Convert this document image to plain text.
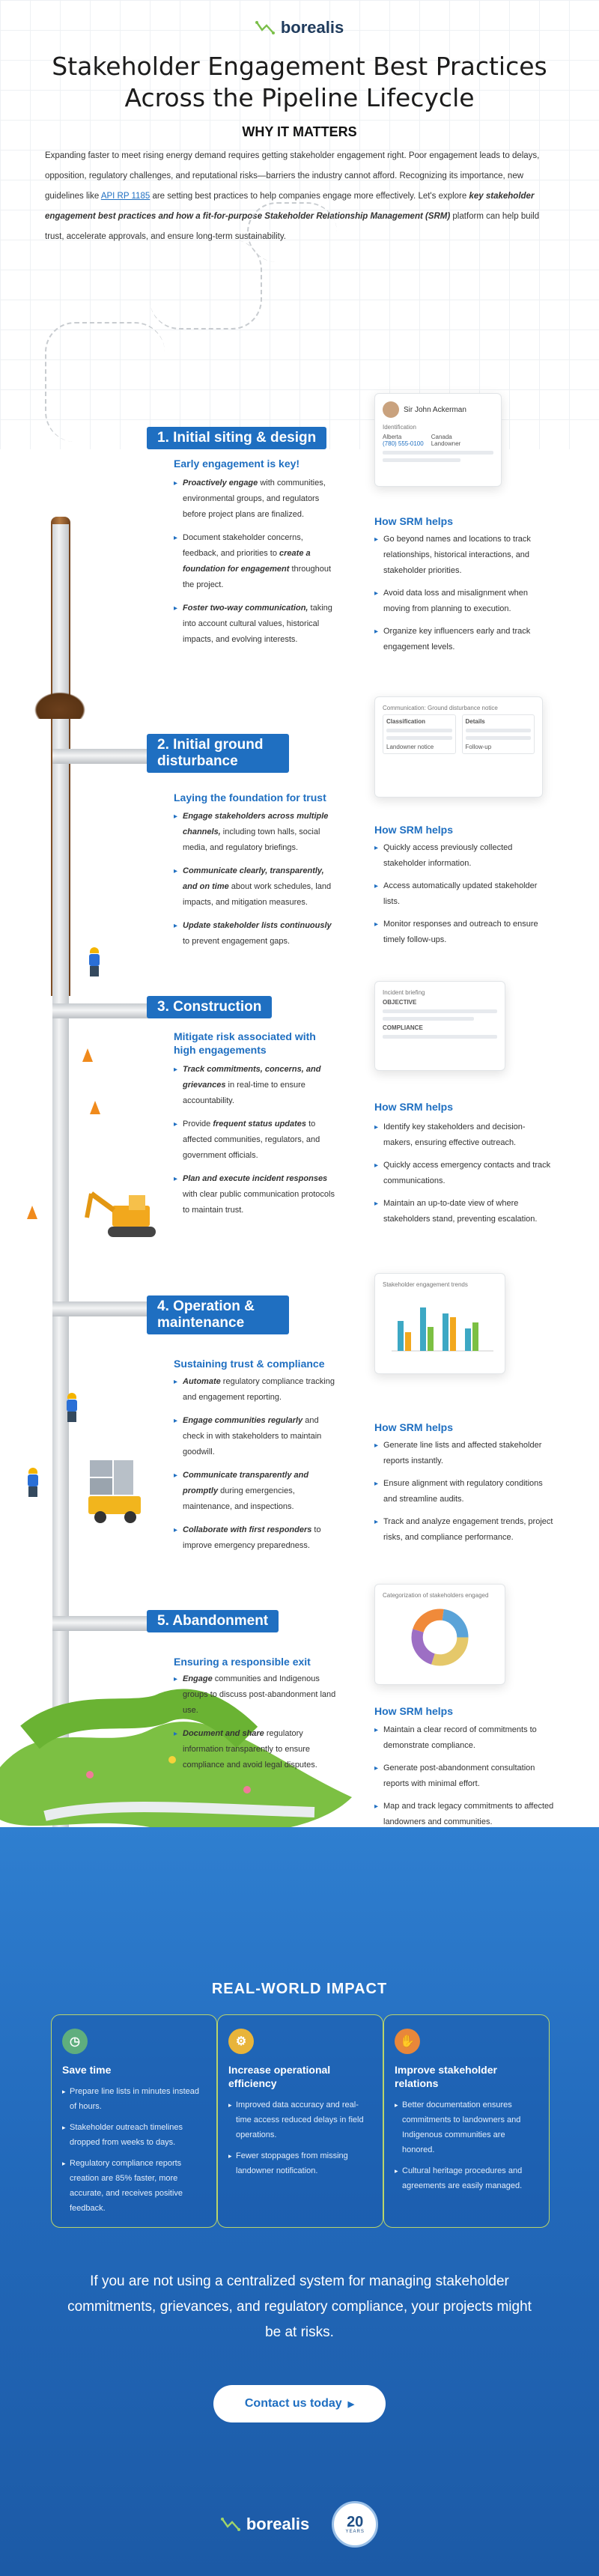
borealis
Stakeholder Engagement Best Practices Across the Pipeline Lifecycle
WHY IT MATTERS

Expanding faster to meet rising energy demand requires getting stakeholder engagement right. Poor engagement leads to delays, opposition, regulatory challenges, and reputational risks—barriers the industry cannot afford. Recognizing its importance, new guidelines like API RP 1185 are setting best practices to help companies engage more effectively. Let's explore key stakeholder engagement best practices and how a fit-for-purpose Stakeholder Relationship Management (SRM) platform can help build trust, accelerate approvals, and ensure long-term sustainability.

1. Initial siting & design
Early engagement is key!

▸ Proactively engage with communities, environmental groups, and regulators before project plans are finalized.

▸ Document stakeholder concerns, feedback, and priorities to create a foundation for engagement throughout the project.

▸ Foster two-way communication, taking into account cultural values, historical impacts, and evolving interests.

Sir John Ackerman
Identification
Alberta
(780) 555-0100
Canada
Landowner
How SRM helps

▸ Go beyond names and locations to track relationships, historical interactions, and stakeholder priorities.

▸ Avoid data loss and misalignment when moving from planning to execution.

▸ Organize key influencers early and track engagement levels.

2. Initial ground disturbance
Laying the foundation for trust

▸ Engage stakeholders across multiple channels, including town halls, social media, and regulatory briefings.

▸ Communicate clearly, transparently, and on time about work schedules, land impacts, and mitigation measures.

▸ Update stakeholder lists continuously to prevent engagement gaps.

Communication: Ground disturbance notice
Classification
Landowner notice
Details
Follow-up
How SRM helps

▸ Quickly access previously collected stakeholder information.

▸ Access automatically updated stakeholder lists.

▸ Monitor responses and outreach to ensure timely follow-ups.

3. Construction
Mitigate risk associated with high engagements

▸ Track commitments, concerns, and grievances in real-time to ensure accountability.

▸ Provide frequent status updates to affected communities, regulators, and government officials.

▸ Plan and execute incident responses with clear public communication protocols to maintain trust.

Incident briefing
OBJECTIVE
COMPLIANCE
How SRM helps

▸ Identify key stakeholders and decision-makers, ensuring effective outreach.

▸ Quickly access emergency contacts and track communications.

▸ Maintain an up-to-date view of where stakeholders stand, preventing escalation.

4. Operation & maintenance
Sustaining trust & compliance

▸ Automate regulatory compliance tracking and engagement reporting.

▸ Engage communities regularly and check in with stakeholders to maintain goodwill.

▸ Communicate transparently and promptly during emergencies, maintenance, and inspections.

▸ Collaborate with first responders to improve emergency preparedness.

Stakeholder engagement trends
How SRM helps

▸ Generate line lists and affected stakeholder reports instantly.

▸ Ensure alignment with regulatory conditions and streamline audits.

▸ Track and analyze engagement trends, project risks, and compliance performance.

5. Abandonment
Ensuring a responsible exit

▸ Engage communities and Indigenous groups to discuss post-abandonment land use.

▸ Document and share regulatory information transparently to ensure compliance and avoid legal disputes.

Categorization of stakeholders engaged
How SRM helps

▸ Maintain a clear record of commitments to demonstrate compliance.

▸ Generate post-abandonment consultation reports with minimal effort.

▸ Map and track legacy commitments to affected landowners and communities.

REAL-WORLD IMPACT
◷
Save time

▸ Prepare line lists in minutes instead of hours.

▸ Stakeholder outreach timelines dropped from weeks to days.

▸ Regulatory compliance reports creation are 85% faster, more accurate, and receives positive feedback.

⚙
Increase operational efficiency

▸ Improved data accuracy and real-time access reduced delays in field operations.

▸ Fewer stoppages from missing landowner notification.

✋
Improve stakeholder relations

▸ Better documentation ensures commitments to landowners and Indigenous communities are honored.

▸ Cultural heritage procedures and agreements are easily managed.

If you are not using a centralized system for managing stakeholder commitments, grievances, and regulatory compliance, your projects might be at risks.
Contact us today ▶
borealis 20
YEARS
